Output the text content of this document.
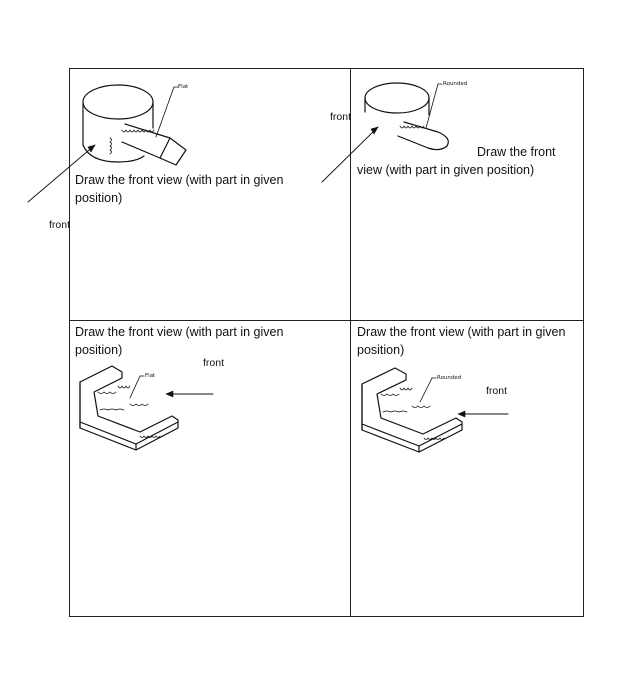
Flat	Rounded
Flat	Rounded
Draw the front view (with part in given position)
front
front
Draw the front
view (with part in given position)
Draw the front view (with part in given position)
front
Draw the front view (with part in given position)
front
